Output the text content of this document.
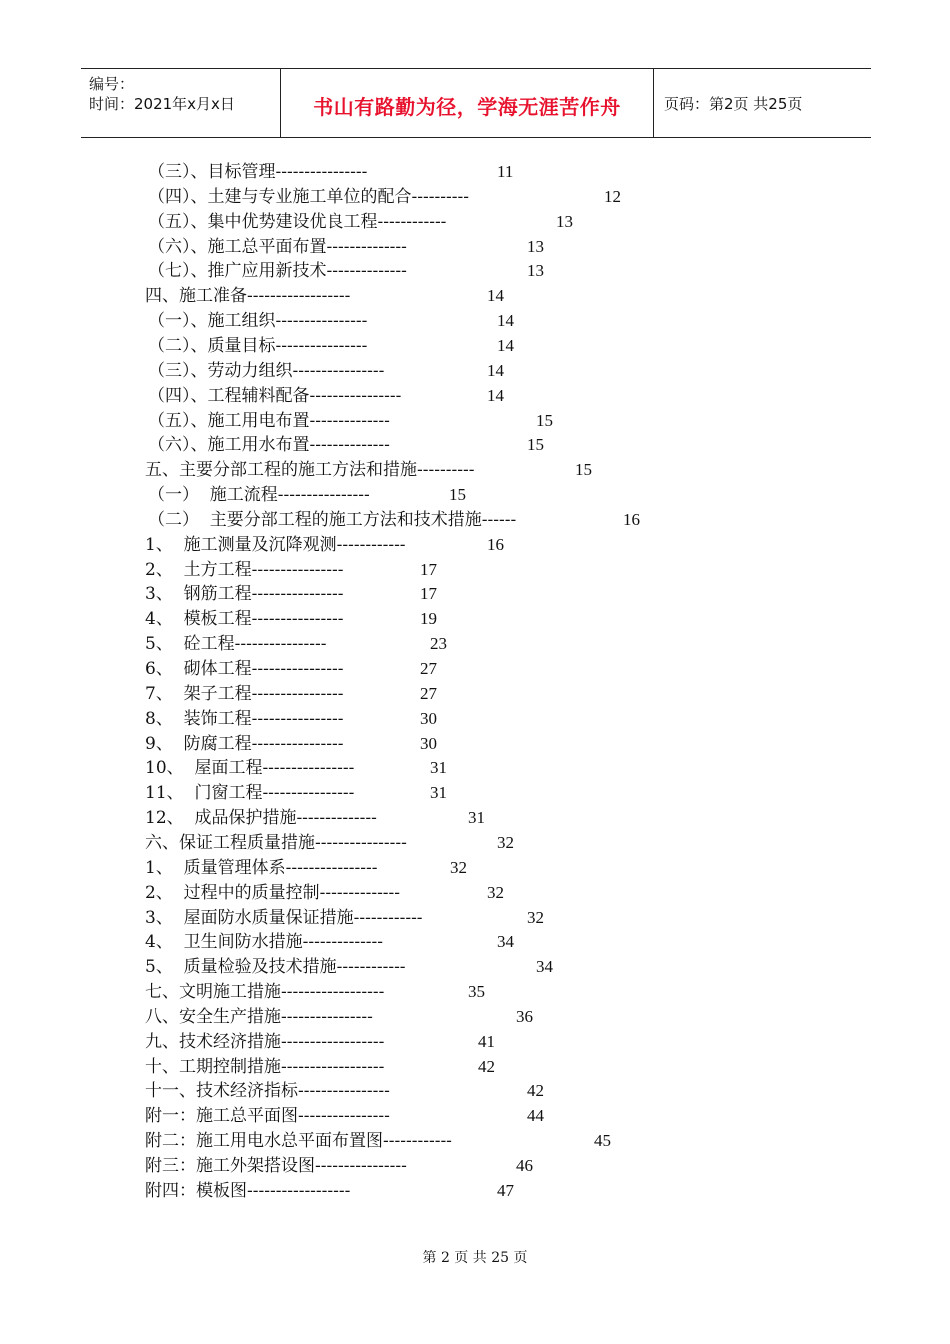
编号：
时间：2021年x月x日	书山有路勤为径，学海无涯苦作舟	页码：第2页 共25页
（三）、目标管理----------------	11
（四）、土建与专业施工单位的配合----------	12
（五）、集中优势建设优良工程------------	13
（六）、施工总平面布置--------------	13
（七）、推广应用新技术--------------	13
四、施工准备------------------	14
（一）、施工组织----------------	14
（二）、质量目标----------------	14
（三）、劳动力组织----------------	14
（四）、工程辅料配备----------------	14
（五）、施工用电布置--------------	15
（六）、施工用水布置--------------	15
五、主要分部工程的施工方法和措施----------	15
（一）  施工流程----------------	15
（二）  主要分部工程的施工方法和技术措施------	16
1、  施工测量及沉降观测------------	16
2、  土方工程----------------	17
3、  钢筋工程----------------	17
4、  模板工程----------------	19
5、  砼工程----------------	23
6、  砌体工程----------------	27
7、  架子工程----------------	27
8、  装饰工程----------------	30
9、  防腐工程----------------	30
10、  屋面工程----------------	31
11、  门窗工程----------------	31
12、  成品保护措施--------------	31
六、保证工程质量措施----------------	32
1、  质量管理体系----------------	32
2、  过程中的质量控制--------------	32
3、  屋面防水质量保证措施------------	32
4、  卫生间防水措施--------------	34
5、  质量检验及技术措施------------	34
七、文明施工措施------------------	35
八、安全生产措施----------------	36
九、技术经济措施------------------	41
十、工期控制措施------------------	42
十一、技术经济指标----------------	42
附一：施工总平面图----------------	44
附二：施工用电水总平面布置图------------	45
附三：施工外架搭设图----------------	46
附四：模板图------------------	47
第 2 页 共 25 页
